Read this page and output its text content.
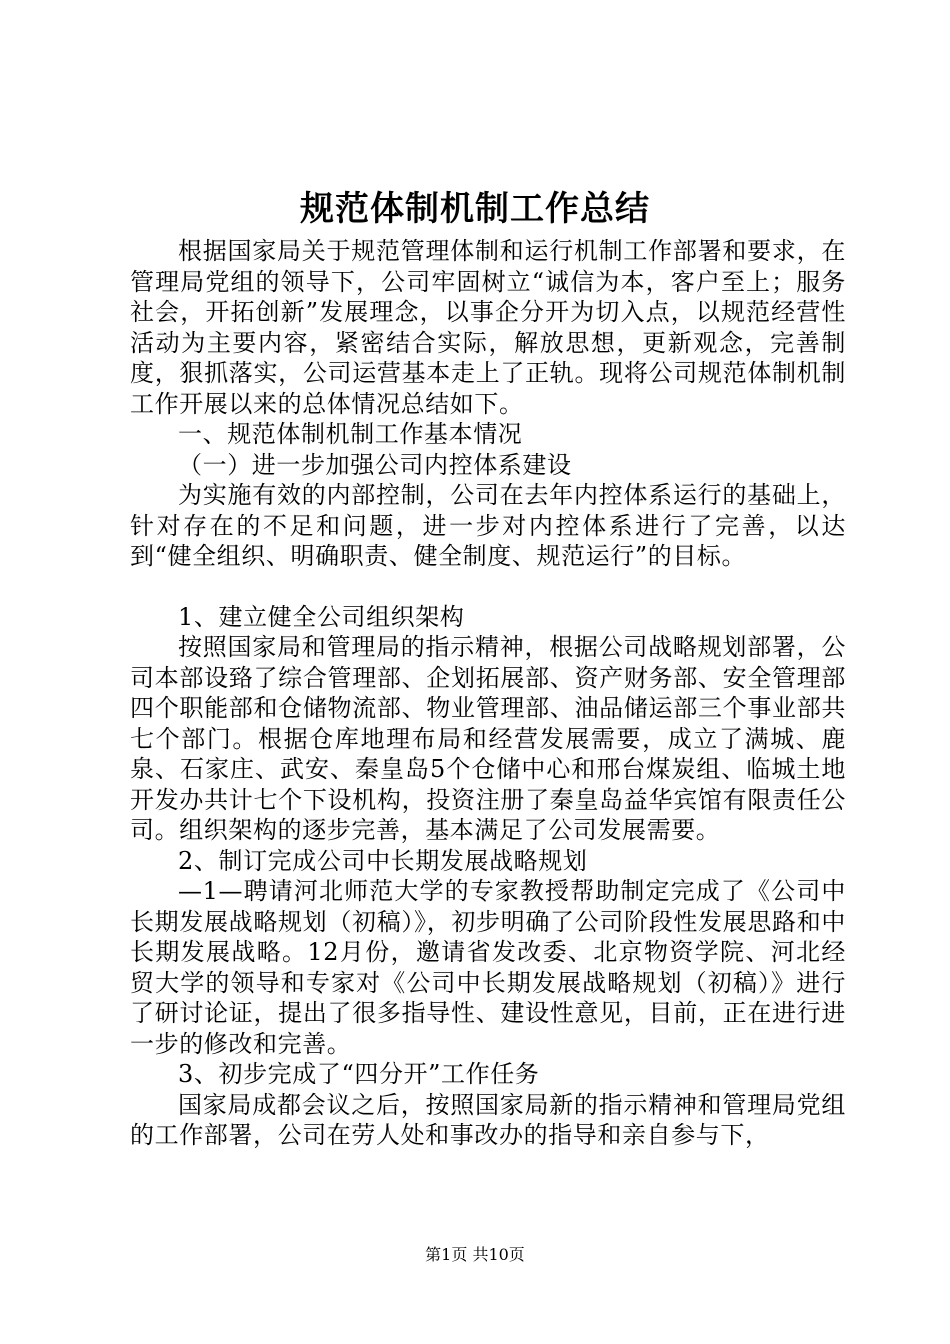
规范体制机制工作总结

根据国家局关于规范管理体制和运行机制工作部署和要求，在管理局党组的领导下，公司牢固树立“诚信为本，客户至上；服务社会，开拓创新”发展理念，以事企分开为切入点，以规范经营性活动为主要内容，紧密结合实际，解放思想，更新观念，完善制度，狠抓落实，公司运营基本走上了正轨。现将公司规范体制机制工作开展以来的总体情况总结如下。

一、规范体制机制工作基本情况

（一）进一步加强公司内控体系建设

为实施有效的内部控制，公司在去年内控体系运行的基础上，针对存在的不足和问题，进一步对内控体系进行了完善，以达到“健全组织、明确职责、健全制度、规范运行”的目标。

1、建立健全公司组织架构

按照国家局和管理局的指示精神，根据公司战略规划部署，公司本部设臵了综合管理部、企划拓展部、资产财务部、安全管理部四个职能部和仓储物流部、物业管理部、油品储运部三个事业部共七个部门。根据仓库地理布局和经营发展需要，成立了满城、鹿泉、石家庄、武安、秦皇岛5个仓储中心和邢台煤炭组、临城土地开发办共计七个下设机构，投资注册了秦皇岛益华宾馆有限责任公司。组织架构的逐步完善，基本满足了公司发展需要。

2、制订完成公司中长期发展战略规划

—1—聘请河北师范大学的专家教授帮助制定完成了《公司中长期发展战略规划（初稿）》，初步明确了公司阶段性发展思路和中长期发展战略。12月份，邀请省发改委、北京物资学院、河北经贸大学的领导和专家对《公司中长期发展战略规划（初稿）》进行了研讨论证，提出了很多指导性、建设性意见，目前，正在进行进一步的修改和完善。

3、初步完成了“四分开”工作任务

国家局成都会议之后，按照国家局新的指示精神和管理局党组的工作部署，公司在劳人处和事改办的指导和亲自参与下，

第1页 共10页
